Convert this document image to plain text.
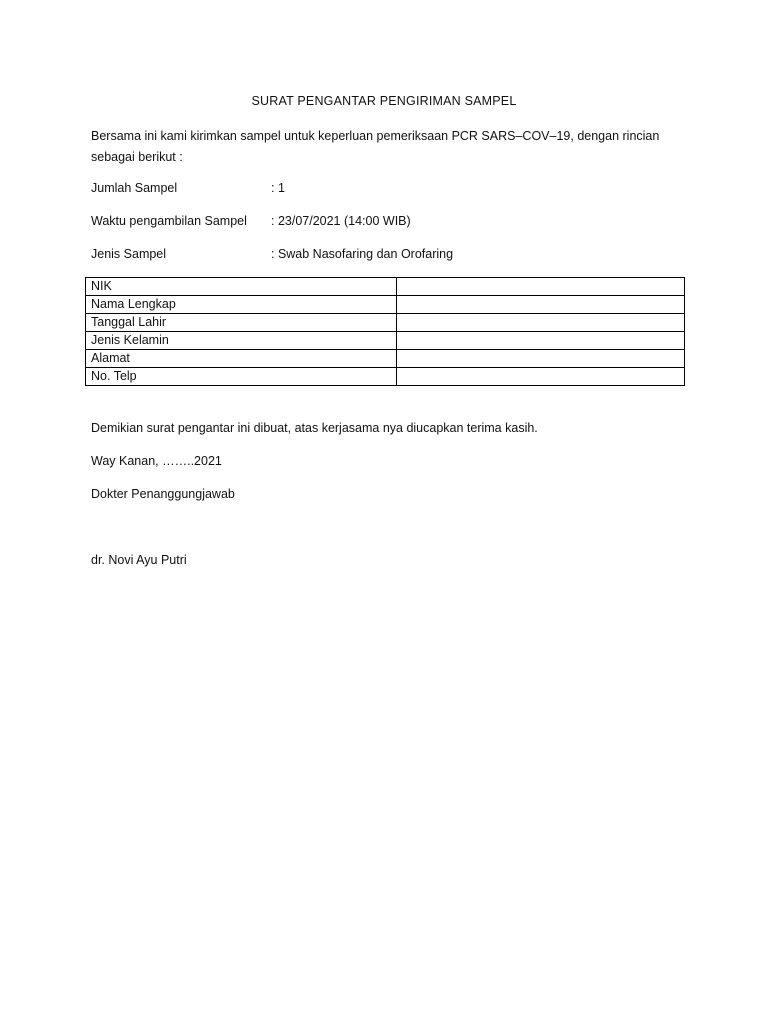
SURAT PENGANTAR PENGIRIMAN SAMPEL
Bersama ini kami kirimkan sampel untuk keperluan pemeriksaan PCR SARS–COV–19, dengan rincian sebagai berikut :
Jumlah Sampel	: 1
Waktu pengambilan Sampel : 23/07/2021 (14:00 WIB)
Jenis Sampel	: Swab Nasofaring dan Orofaring
NIK	
Nama Lengkap	
Tanggal Lahir	
Jenis Kelamin	
Alamat	
No. Telp	
Demikian surat pengantar ini dibuat, atas kerjasama nya diucapkan terima kasih.
Way Kanan, ……..2021
Dokter Penanggungjawab
dr. Novi Ayu Putri
